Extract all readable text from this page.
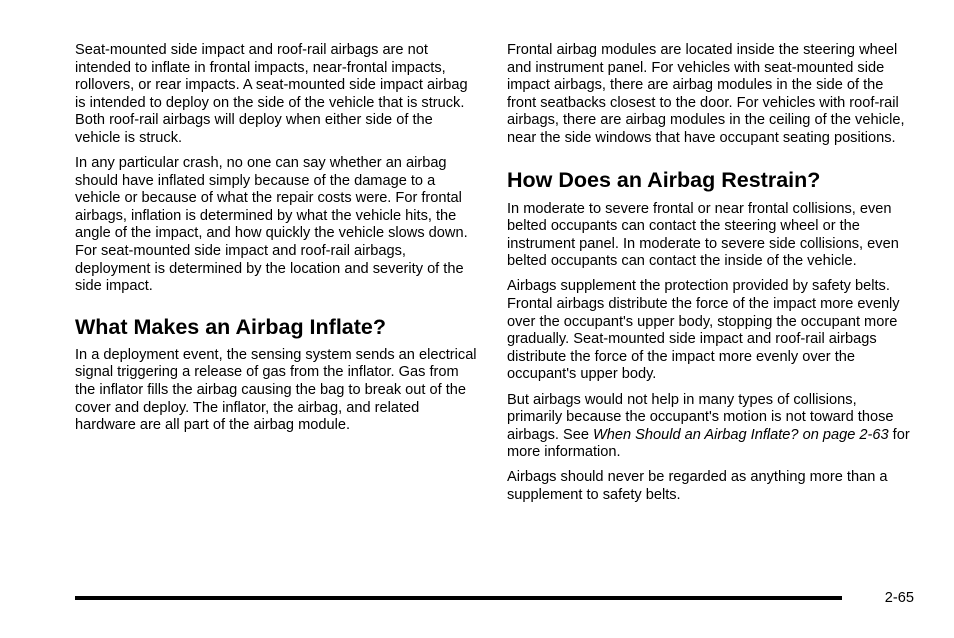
Seat-mounted side impact and roof-rail airbags are not intended to inflate in frontal impacts, near-frontal impacts, rollovers, or rear impacts. A seat-mounted side impact airbag is intended to deploy on the side of the vehicle that is struck. Both roof-rail airbags will deploy when either side of the vehicle is struck.

In any particular crash, no one can say whether an airbag should have inflated simply because of the damage to a vehicle or because of what the repair costs were. For frontal airbags, inflation is determined by what the vehicle hits, the angle of the impact, and how quickly the vehicle slows down. For seat-mounted side impact and roof-rail airbags, deployment is determined by the location and severity of the side impact.

What Makes an Airbag Inflate?

In a deployment event, the sensing system sends an electrical signal triggering a release of gas from the inflator. Gas from the inflator fills the airbag causing the bag to break out of the cover and deploy. The inflator, the airbag, and related hardware are all part of the airbag module.

Frontal airbag modules are located inside the steering wheel and instrument panel. For vehicles with seat-mounted side impact airbags, there are airbag modules in the side of the front seatbacks closest to the door. For vehicles with roof-rail airbags, there are airbag modules in the ceiling of the vehicle, near the side windows that have occupant seating positions.

How Does an Airbag Restrain?

In moderate to severe frontal or near frontal collisions, even belted occupants can contact the steering wheel or the instrument panel. In moderate to severe side collisions, even belted occupants can contact the inside of the vehicle.

Airbags supplement the protection provided by safety belts. Frontal airbags distribute the force of the impact more evenly over the occupant's upper body, stopping the occupant more gradually. Seat-mounted side impact and roof-rail airbags distribute the force of the impact more evenly over the occupant's upper body.

But airbags would not help in many types of collisions, primarily because the occupant's motion is not toward those airbags. See When Should an Airbag Inflate? on page 2-63 for more information.

Airbags should never be regarded as anything more than a supplement to safety belts.

2-65
